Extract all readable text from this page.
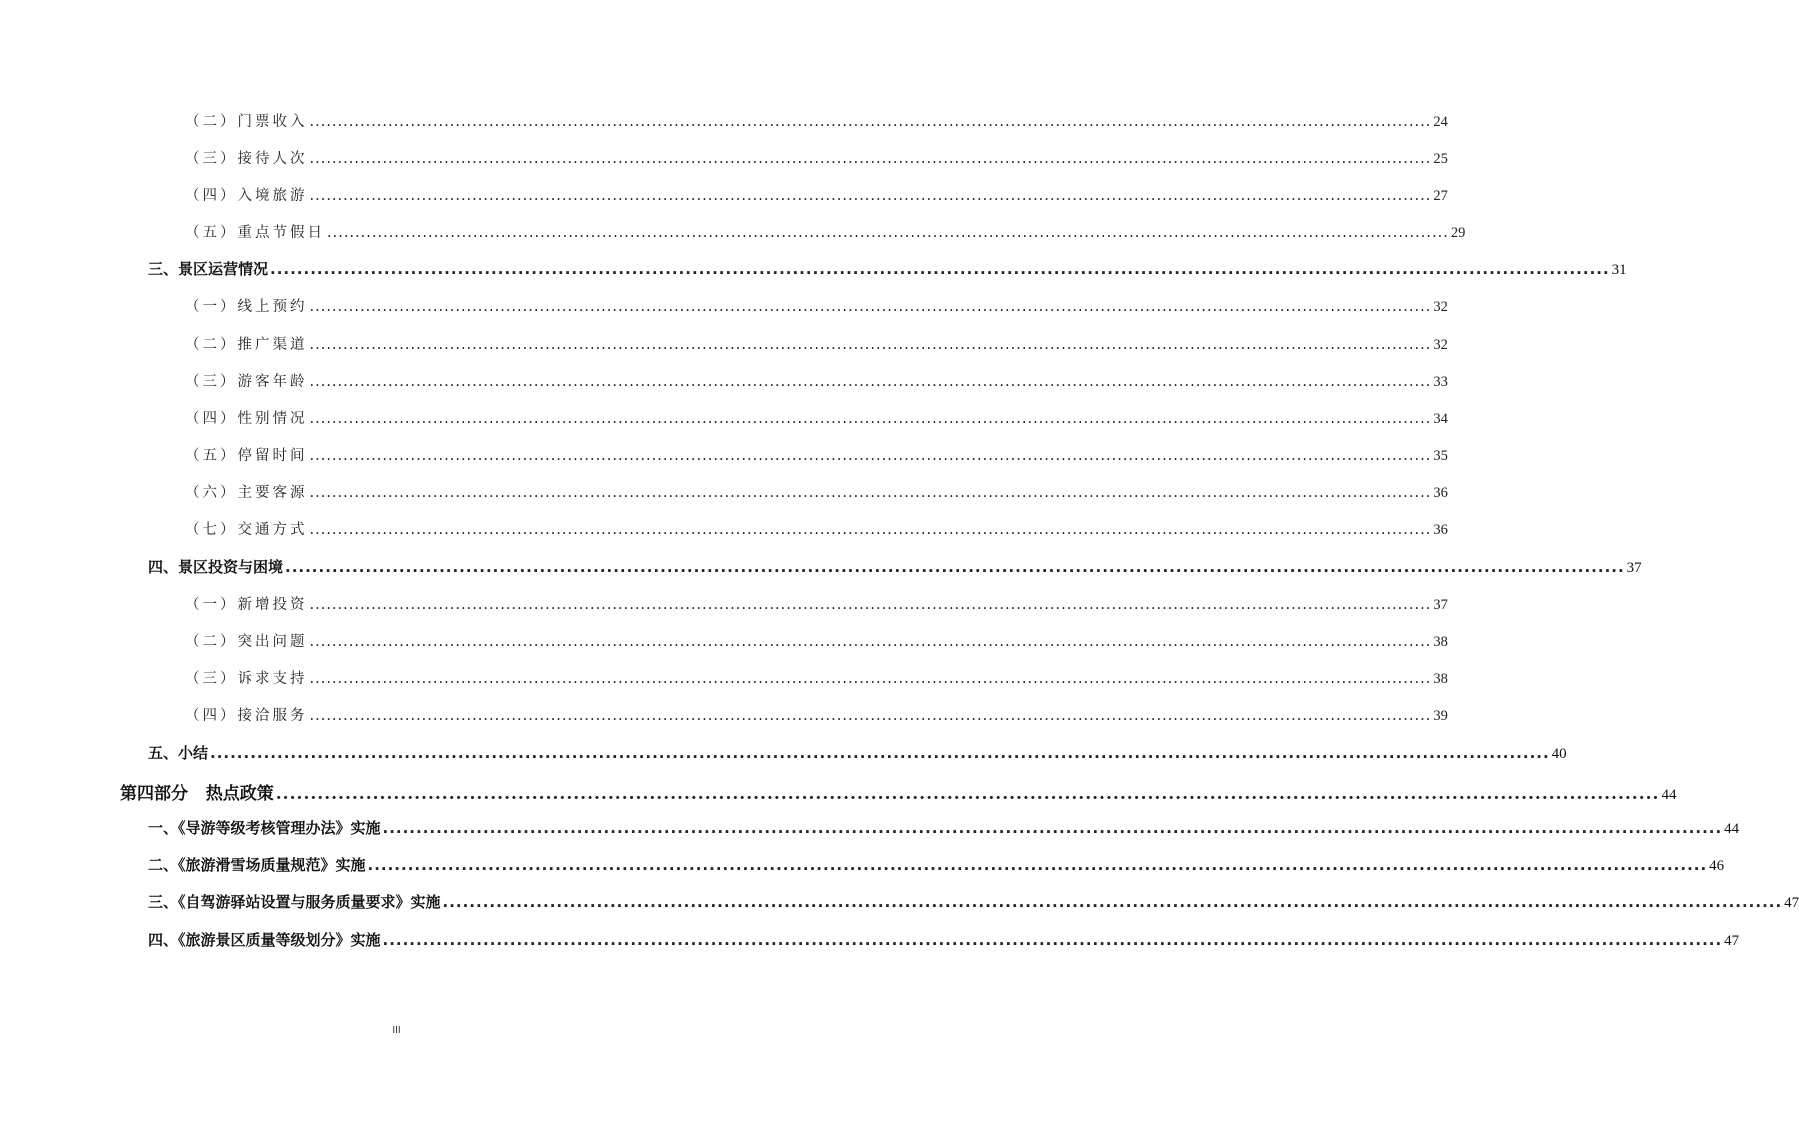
（二）门票收入 ........................................................................................................................................................................................................ 24
（三）接待人次 ........................................................................................................................................................................................................ 25
（四）入境旅游 ........................................................................................................................................................................................................ 27
（五）重点节假日 ........................................................................................................................................................................................................ 29
三、景区运营情况 ........................................................................................................................................................................................................ 31
（一）线上预约 ........................................................................................................................................................................................................ 32
（二）推广渠道 ........................................................................................................................................................................................................ 32
（三）游客年龄 ........................................................................................................................................................................................................ 33
（四）性别情况 ........................................................................................................................................................................................................ 34
（五）停留时间 ........................................................................................................................................................................................................ 35
（六）主要客源 ........................................................................................................................................................................................................ 36
（七）交通方式 ........................................................................................................................................................................................................ 36
四、景区投资与困境 ........................................................................................................................................................................................................ 37
（一）新增投资 ........................................................................................................................................................................................................ 37
（二）突出问题 ........................................................................................................................................................................................................ 38
（三）诉求支持 ........................................................................................................................................................................................................ 38
（四）接洽服务 ........................................................................................................................................................................................................ 39
五、小结 ........................................................................................................................................................................................................ 40
第四部分   热点政策 ........................................................................................................................................................................................................ 44
一、《导游等级考核管理办法》实施 ........................................................................................................................................................................................................ 44
二、《旅游滑雪场质量规范》实施 ........................................................................................................................................................................................................ 46
三、《自驾游驿站设置与服务质量要求》实施 ........................................................................................................................................................................................................ 47
四、《旅游景区质量等级划分》实施 ........................................................................................................................................................................................................ 47
III
